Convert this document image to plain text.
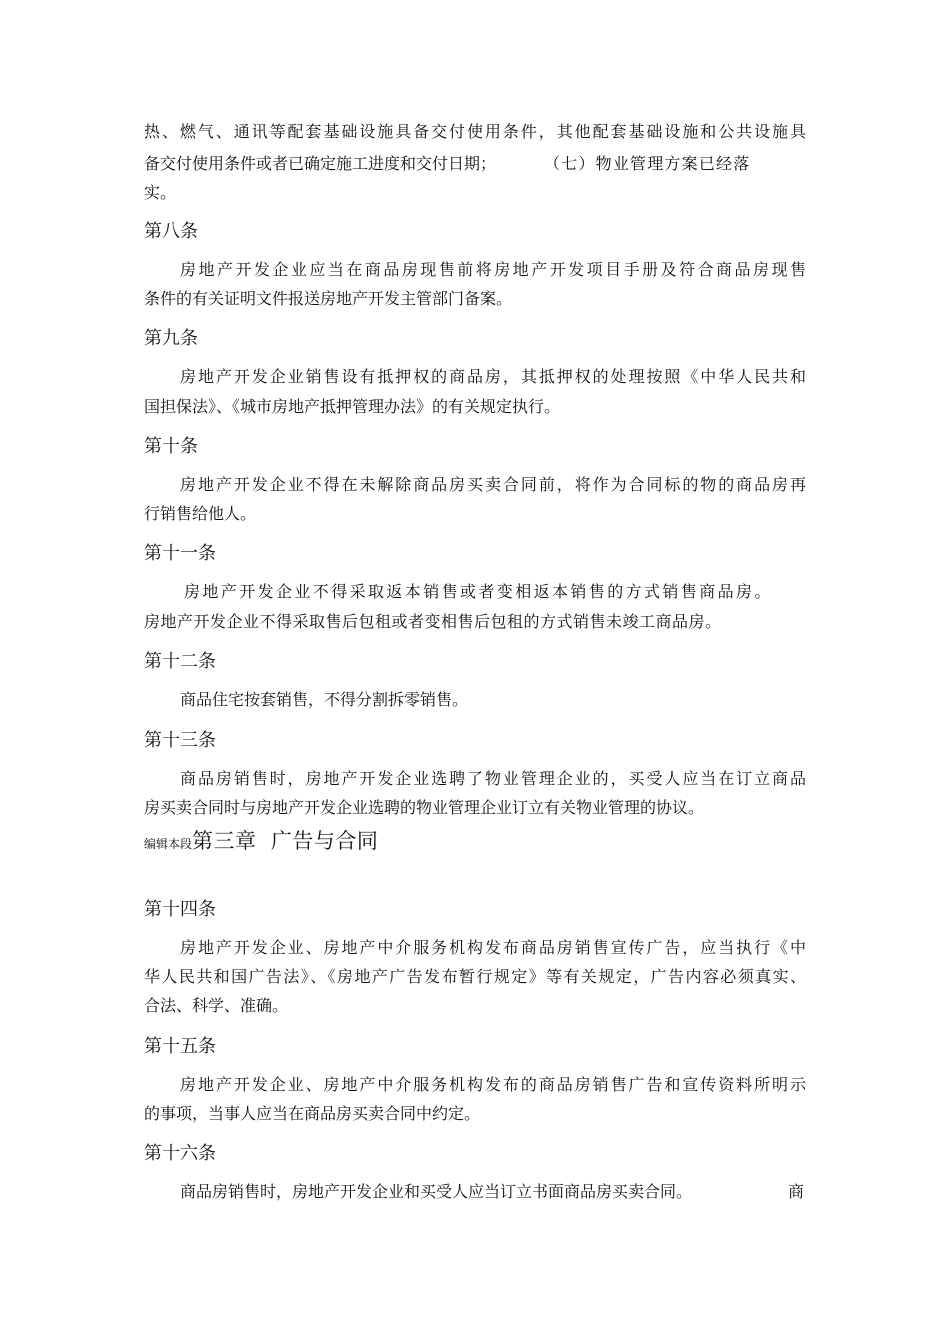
热、燃气、通讯等配套基础设施具备交付使用条件，其他配套基础设施和公共设施具
备交付使用条件或者已确定施工进度和交付日期；	（七）物业管理方案已经落
实。
第八条
房地产开发企业应当在商品房现售前将房地产开发项目手册及符合商品房现售
条件的有关证明文件报送房地产开发主管部门备案。
第九条
房地产开发企业销售设有抵押权的商品房，其抵押权的处理按照《中华人民共和
国担保法》、《城市房地产抵押管理办法》的有关规定执行。
第十条
房地产开发企业不得在未解除商品房买卖合同前，将作为合同标的物的商品房再
行销售给他人。
第十一条
房地产开发企业不得采取返本销售或者变相返本销售的方式销售商品房。
房地产开发企业不得采取售后包租或者变相售后包租的方式销售未竣工商品房。
第十二条
商品住宅按套销售，不得分割拆零销售。
第十三条
商品房销售时，房地产开发企业选聘了物业管理企业的，买受人应当在订立商品
房买卖合同时与房地产开发企业选聘的物业管理企业订立有关物业管理的协议。
编辑本段第三章  广告与合同
第十四条
房地产开发企业、房地产中介服务机构发布商品房销售宣传广告，应当执行《中
华人民共和国广告法》、《房地产广告发布暂行规定》等有关规定，广告内容必须真实、
合法、科学、准确。
第十五条
房地产开发企业、房地产中介服务机构发布的商品房销售广告和宣传资料所明示
的事项，当事人应当在商品房买卖合同中约定。
第十六条
商品房销售时，房地产开发企业和买受人应当订立书面商品房买卖合同。	商
